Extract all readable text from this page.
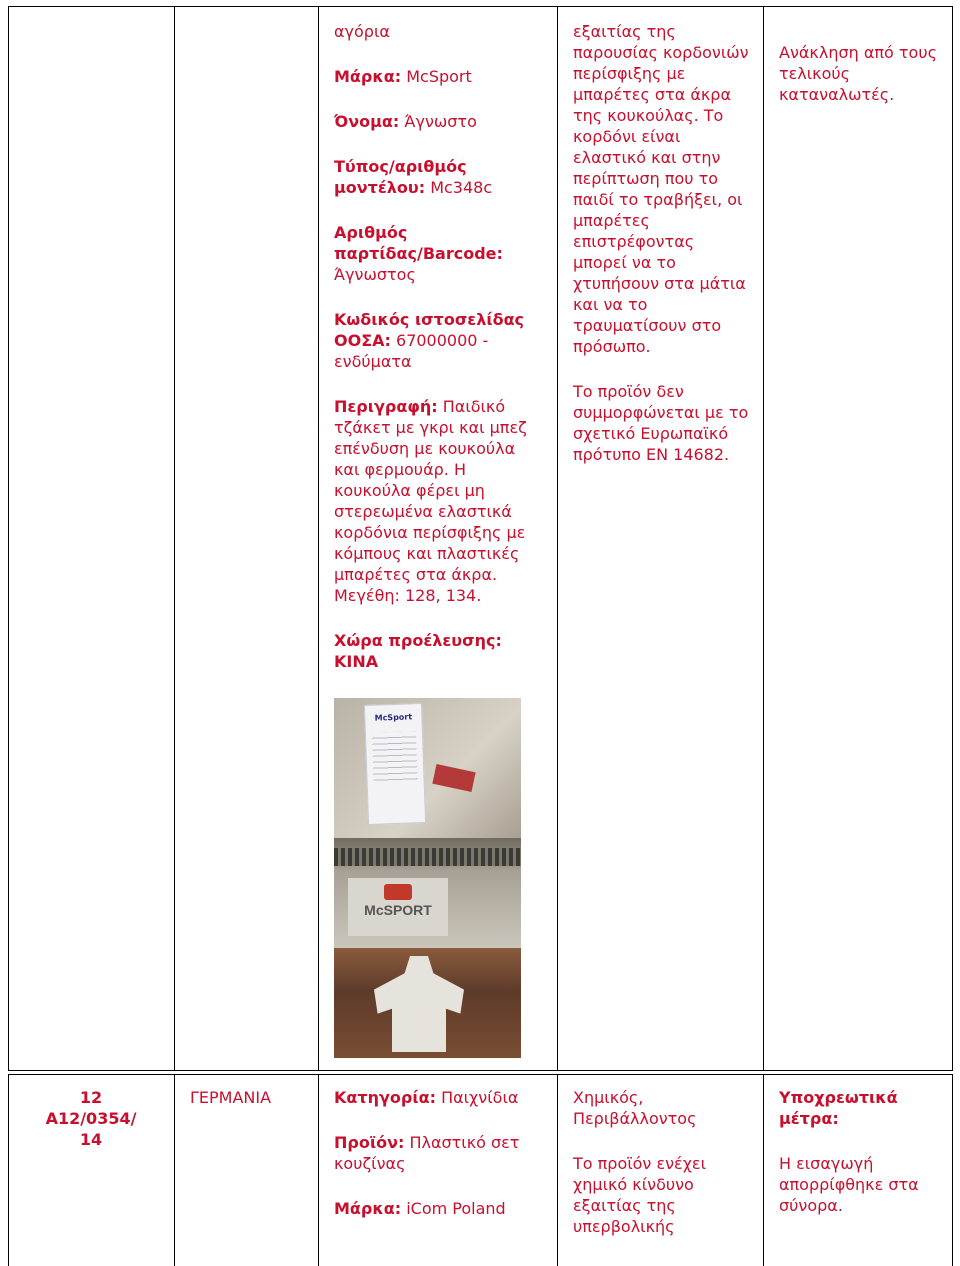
αγόρια

Μάρκα: McSport

Όνομα: Άγνωστο

Τύπος/αριθμός μοντέλου: Mc348c

Αριθμός παρτίδας/Barcode: Άγνωστος

Κωδικός ιστοσελίδας ΟΟΣΑ: 67000000 - ενδύματα

Περιγραφή: Παιδικό τζάκετ με γκρι και μπεζ επένδυση με κουκούλα και φερμουάρ. Η κουκούλα φέρει μη στερεωμένα ελαστικά κορδόνια περίσφιξης με κόμπους και πλαστικές μπαρέτες στα άκρα. Μεγέθη: 128, 134.

Χώρα προέλευσης: ΚΙΝΑ

McSport
McSPORT

εξαιτίας της παρουσίας κορδονιών περίσφιξης με μπαρέτες στα άκρα της κουκούλας. Το κορδόνι είναι ελαστικό και στην περίπτωση που το παιδί το τραβήξει, οι μπαρέτες επιστρέφοντας μπορεί να το χτυπήσουν στα μάτια και να το τραυματίσουν στο πρόσωπο.

Το προϊόν δεν συμμορφώνεται με το σχετικό Ευρωπαϊκό πρότυπο ΕΝ 14682.

Ανάκληση από τους τελικούς καταναλωτές.

12

A12/0354/ 14

ΓΕΡΜΑΝΙΑ	Κατηγορία: Παιχνίδια

Προϊόν: Πλαστικό σετ κουζίνας

Μάρκα: iCom Poland

Χημικός, Περιβάλλοντος

Το προϊόν ενέχει χημικό κίνδυνο εξαιτίας της υπερβολικής

Υποχρεωτικά μέτρα:

Η εισαγωγή απορρίφθηκε στα σύνορα.
